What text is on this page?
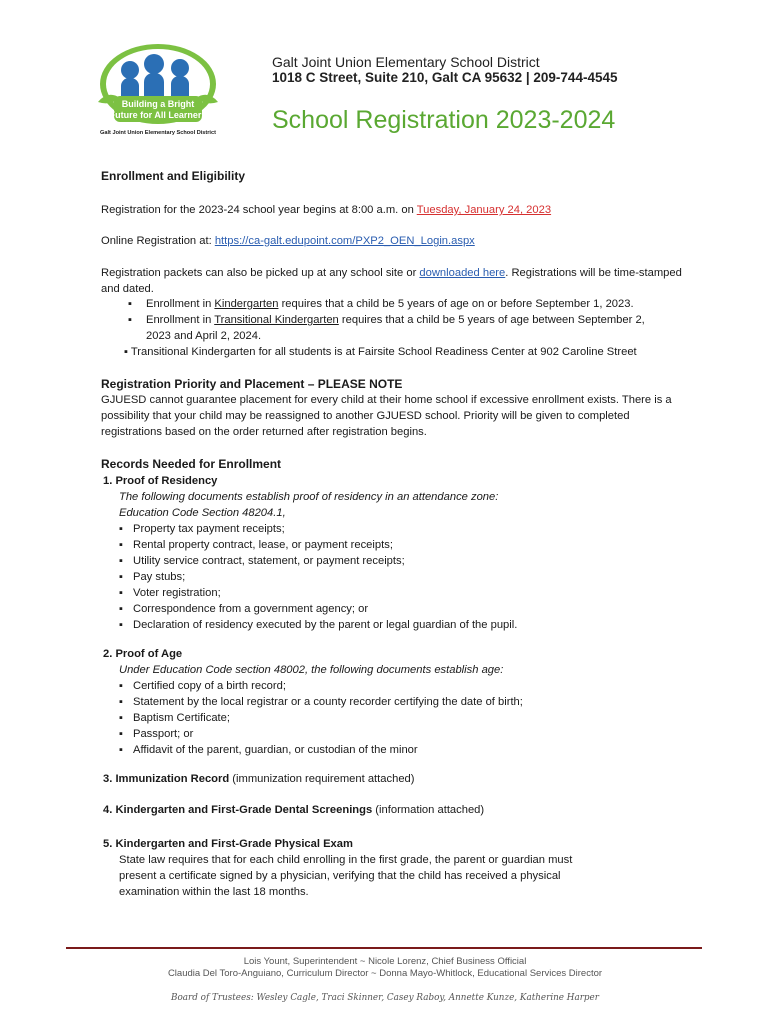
Building a Bright
Future for All Learners
Galt Joint Union Elementary School District
Galt Joint Union Elementary School District
1018 C Street, Suite 210, Galt CA 95632 | 209-744-4545
School Registration 2023-2024
Enrollment and Eligibility
Registration for the 2023-24 school year begins at 8:00 a.m. on Tuesday, January 24, 2023
Online Registration at: https://ca-galt.edupoint.com/PXP2_OEN_Login.aspx
Registration packets can also be picked up at any school site or downloaded here. Registrations will be time-stamped and dated.
▪ Enrollment in Kindergarten requires that a child be 5 years of age on or before September 1, 2023.
▪ Enrollment in Transitional Kindergarten requires that a child be 5 years of age between September 2, 2023 and April 2, 2024.
▪ Transitional Kindergarten for all students is at Fairsite School Readiness Center at 902 Caroline Street
Registration Priority and Placement – PLEASE NOTE
GJUESD cannot guarantee placement for every child at their home school if excessive enrollment exists. There is a possibility that your child may be reassigned to another GJUESD school. Priority will be given to completed registrations based on the order returned after registration begins.
Records Needed for Enrollment
1. Proof of Residency
The following documents establish proof of residency in an attendance zone:
Education Code Section 48204.1,
▪ Property tax payment receipts;
▪ Rental property contract, lease, or payment receipts;
▪ Utility service contract, statement, or payment receipts;
▪ Pay stubs;
▪ Voter registration;
▪ Correspondence from a government agency; or
▪ Declaration of residency executed by the parent or legal guardian of the pupil.
2. Proof of Age
Under Education Code section 48002, the following documents establish age:
▪ Certified copy of a birth record;
▪ Statement by the local registrar or a county recorder certifying the date of birth;
▪ Baptism Certificate;
▪ Passport; or
▪ Affidavit of the parent, guardian, or custodian of the minor
3. Immunization Record (immunization requirement attached)
4. Kindergarten and First-Grade Dental Screenings (information attached)
5. Kindergarten and First-Grade Physical Exam
State law requires that for each child enrolling in the first grade, the parent or guardian must present a certificate signed by a physician, verifying that the child has received a physical examination within the last 18 months.
Lois Yount, Superintendent ~ Nicole Lorenz, Chief Business Official
Claudia Del Toro-Anguiano, Curriculum Director ~ Donna Mayo-Whitlock, Educational Services Director
Board of Trustees: Wesley Cagle, Traci Skinner, Casey Raboy, Annette Kunze, Katherine Harper
